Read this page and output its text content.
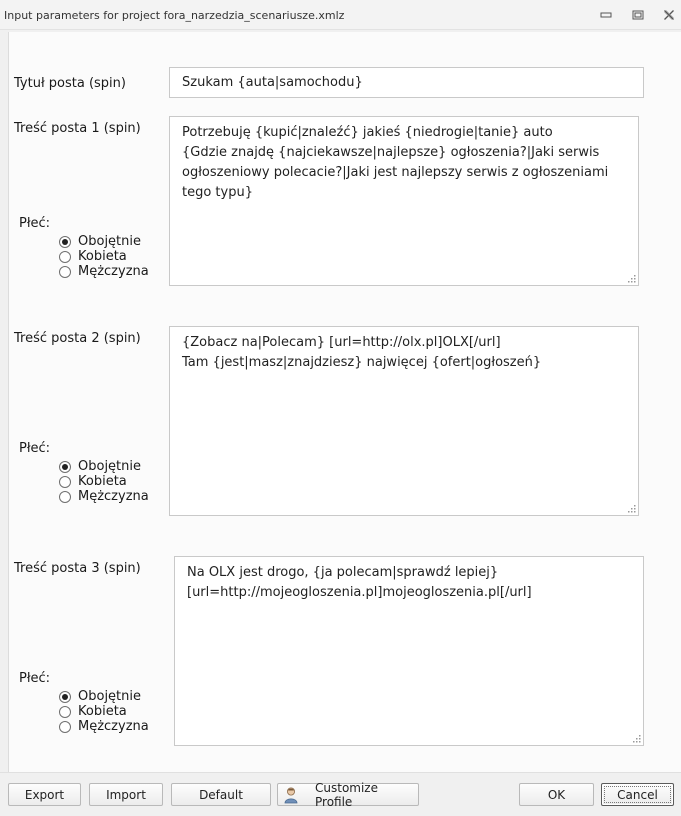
Input parameters for project fora_narzedzia_scenariusze.xmlz
Tytuł posta (spin)	Szukam {auta|samochodu}
Treść posta 1 (spin)	Potrzebuję {kupić|znaleźć} jakieś {niedrogie|tanie} auto
{Gdzie znajdę {najciekawsze|najlepsze} ogłoszenia?|Jaki serwis
ogłoszeniowy polecacie?|Jaki jest najlepszy serwis z ogłoszeniami
tego typu}
Płeć:
Obojętnie
Kobieta
Mężczyzna
Treść posta 2 (spin)	{Zobacz na|Polecam} [url=http://olx.pl]OLX[/url]
Tam {jest|masz|znajdziesz} najwięcej {ofert|ogłoszeń}
Płeć:
Obojętnie
Kobieta
Mężczyzna
Treść posta 3 (spin)	Na OLX jest drogo, {ja polecam|sprawdź lepiej}
[url=http://mojeogloszenia.pl]mojeogloszenia.pl[/url]
Płeć:
Obojętnie
Kobieta
Mężczyzna
Export	Import	Default	Customize Profile	OK	Cancel
